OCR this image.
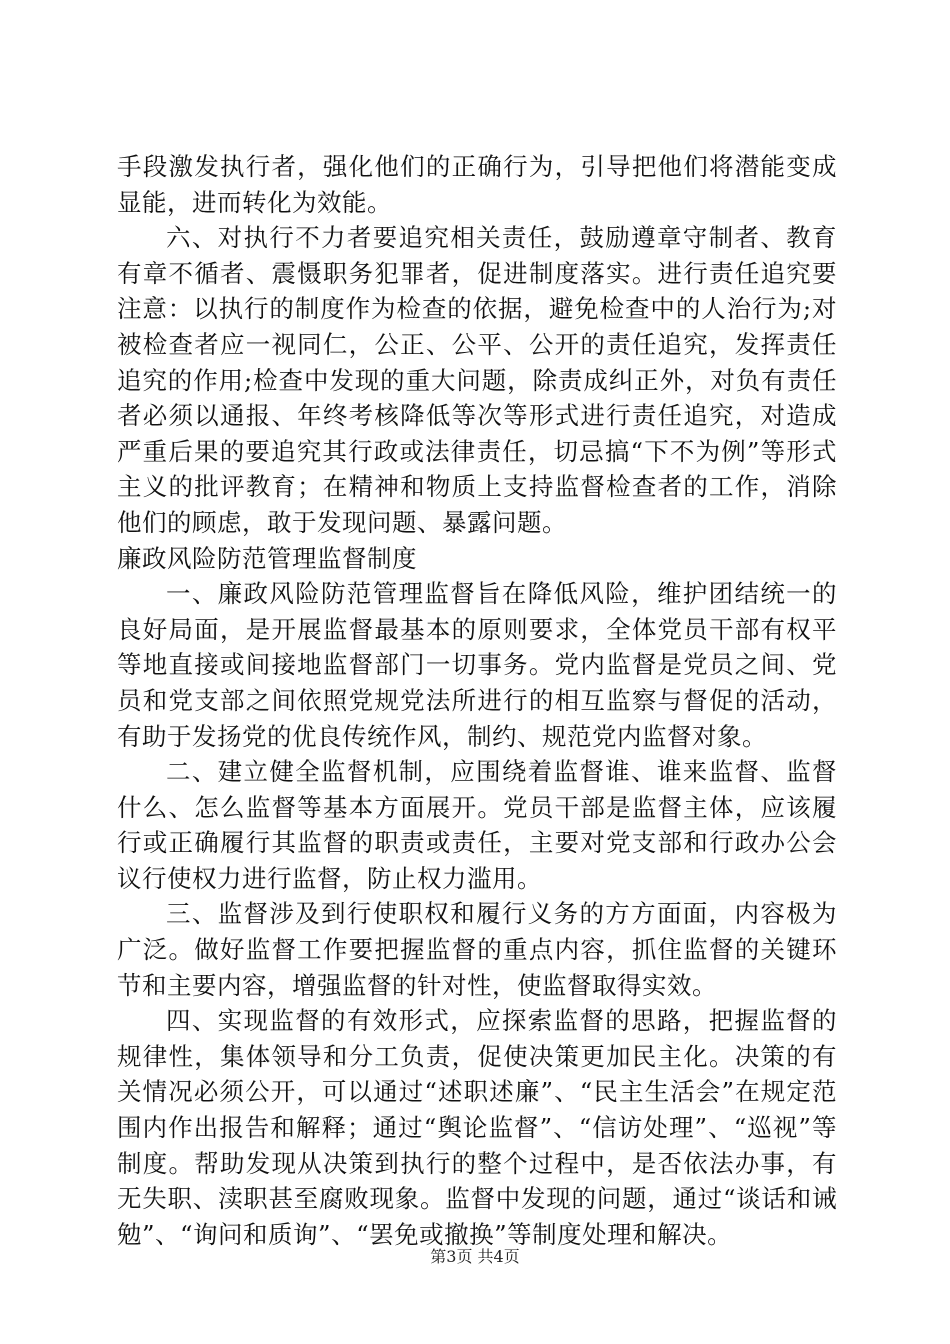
手段激发执行者，强化他们的正确行为，引导把他们将潜能变成显能，进而转化为效能。

六、对执行不力者要追究相关责任，鼓励遵章守制者、教育有章不循者、震慑职务犯罪者，促进制度落实。进行责任追究要注意：以执行的制度作为检查的依据，避免检查中的人治行为;对被检查者应一视同仁，公正、公平、公开的责任追究，发挥责任追究的作用;检查中发现的重大问题，除责成纠正外，对负有责任者必须以通报、年终考核降低等次等形式进行责任追究，对造成严重后果的要追究其行政或法律责任，切忌搞“下不为例”等形式主义的批评教育；在精神和物质上支持监督检查者的工作，消除他们的顾虑，敢于发现问题、暴露问题。

廉政风险防范管理监督制度

一、廉政风险防范管理监督旨在降低风险，维护团结统一的良好局面，是开展监督最基本的原则要求，全体党员干部有权平等地直接或间接地监督部门一切事务。党内监督是党员之间、党员和党支部之间依照党规党法所进行的相互监察与督促的活动，有助于发扬党的优良传统作风，制约、规范党内监督对象。

二、建立健全监督机制，应围绕着监督谁、谁来监督、监督什么、怎么监督等基本方面展开。党员干部是监督主体，应该履行或正确履行其监督的职责或责任，主要对党支部和行政办公会议行使权力进行监督，防止权力滥用。

三、监督涉及到行使职权和履行义务的方方面面，内容极为广泛。做好监督工作要把握监督的重点内容，抓住监督的关键环节和主要内容，增强监督的针对性，使监督取得实效。

四、实现监督的有效形式，应探索监督的思路，把握监督的规律性，集体领导和分工负责，促使决策更加民主化。决策的有关情况必须公开，可以通过“述职述廉”、“民主生活会”在规定范围内作出报告和解释；通过“舆论监督”、“信访处理”、“巡视”等制度。帮助发现从决策到执行的整个过程中，是否依法办事，有无失职、渎职甚至腐败现象。监督中发现的问题，通过“谈话和诫勉”、“询问和质询”、“罢免或撤换”等制度处理和解决。

第3页 共4页
